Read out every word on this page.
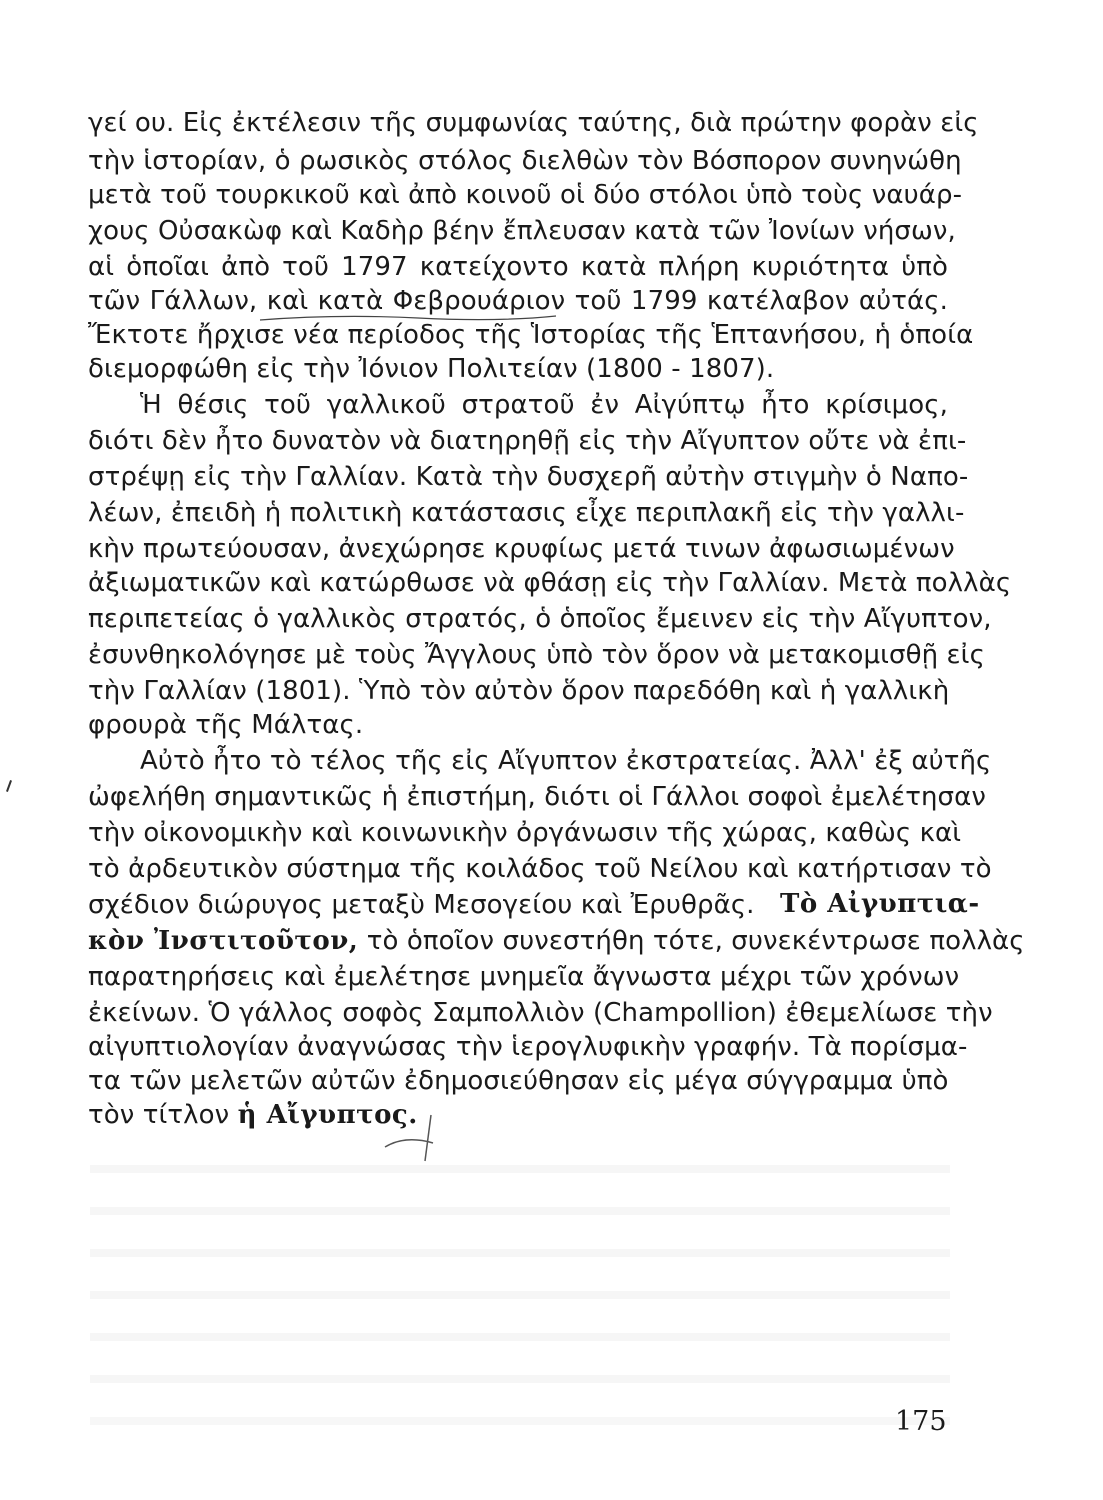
γεί ου. Εἰς ἐκτέλεσιν τῆς συμφωνίας ταύτης, διὰ πρώτην φορὰν εἰς
τὴν ἱστορίαν, ὁ ρωσικὸς στόλος διελθὼν τὸν Βόσπορον συνηνώθη
μετὰ τοῦ τουρκικοῦ καὶ ἀπὸ κοινοῦ οἱ δύο στόλοι ὑπὸ τοὺς ναυάρ-
χους Οὐσακὼφ καὶ Καδὴρ βέην ἔπλευσαν κατὰ τῶν Ἰονίων νήσων,
αἱ ὁποῖαι ἀπὸ τοῦ 1797 κατείχοντο κατὰ πλήρη κυριότητα ὑπὸ
τῶν Γάλλων, καὶ κατὰ Φεβρουάριον τοῦ 1799 κατέλαβον αὐτάς.
Ἔκτοτε ἤρχισε νέα περίοδος τῆς Ἱστορίας τῆς Ἑπτανήσου, ἡ ὁποία
διεμορφώθη εἰς τὴν Ἰόνιον Πολιτείαν (1800 - 1807).
Ἡ θέσις τοῦ γαλλικοῦ στρατοῦ ἐν Αἰγύπτῳ ἦτο κρίσιμος,
διότι δὲν ἦτο δυνατὸν νὰ διατηρηθῇ εἰς τὴν Αἴγυπτον οὔτε νὰ ἐπι-
στρέψῃ εἰς τὴν Γαλλίαν. Κατὰ τὴν δυσχερῆ αὐτὴν στιγμὴν ὁ Ναπο-
λέων, ἐπειδὴ ἡ πολιτικὴ κατάστασις εἶχε περιπλακῆ εἰς τὴν γαλλι-
κὴν πρωτεύουσαν, ἀνεχώρησε κρυφίως μετά τινων ἀφωσιωμένων
ἀξιωματικῶν καὶ κατώρθωσε νὰ φθάσῃ εἰς τὴν Γαλλίαν. Μετὰ πολλὰς
περιπετείας ὁ γαλλικὸς στρατός, ὁ ὁποῖος ἔμεινεν εἰς τὴν Αἴγυπτον,
ἐσυνθηκολόγησε μὲ τοὺς Ἄγγλους ὑπὸ τὸν ὅρον νὰ μετακομισθῇ εἰς
τὴν Γαλλίαν (1801). Ὑπὸ τὸν αὐτὸν ὅρον παρεδόθη καὶ ἡ γαλλικὴ
φρουρὰ τῆς Μάλτας.
Αὐτὸ ἦτο τὸ τέλος τῆς εἰς Αἴγυπτον ἐκστρατείας. Ἀλλ' ἐξ αὐτῆς
ὠφελήθη σημαντικῶς ἡ ἐπιστήμη, διότι οἱ Γάλλοι σοφοὶ ἐμελέτησαν
τὴν οἰκονομικὴν καὶ κοινωνικὴν ὀργάνωσιν τῆς χώρας, καθὼς καὶ
τὸ ἀρδευτικὸν σύστημα τῆς κοιλάδος τοῦ Νείλου καὶ κατήρτισαν τὸ
σχέδιον διώρυγος μεταξὺ Μεσογείου καὶ Ἐρυθρᾶς. Τὸ Αἰγυπτια-
κὸν Ἰνστιτοῦτον, τὸ ὁποῖον συνεστήθη τότε, συνεκέντρωσε πολλὰς
παρατηρήσεις καὶ ἐμελέτησε μνημεῖα ἄγνωστα μέχρι τῶν χρόνων
ἐκείνων. Ὁ γάλλος σοφὸς Σαμπολλιὸν (Champollion) ἐθεμελίωσε τὴν
αἰγυπτιολογίαν ἀναγνώσας τὴν ἱερογλυφικὴν γραφήν. Τὰ πορίσμα-
τα τῶν μελετῶν αὐτῶν ἐδημοσιεύθησαν εἰς μέγα σύγγραμμα ὑπὸ
τὸν τίτλον ἡ Αἴγυπτος.
175
